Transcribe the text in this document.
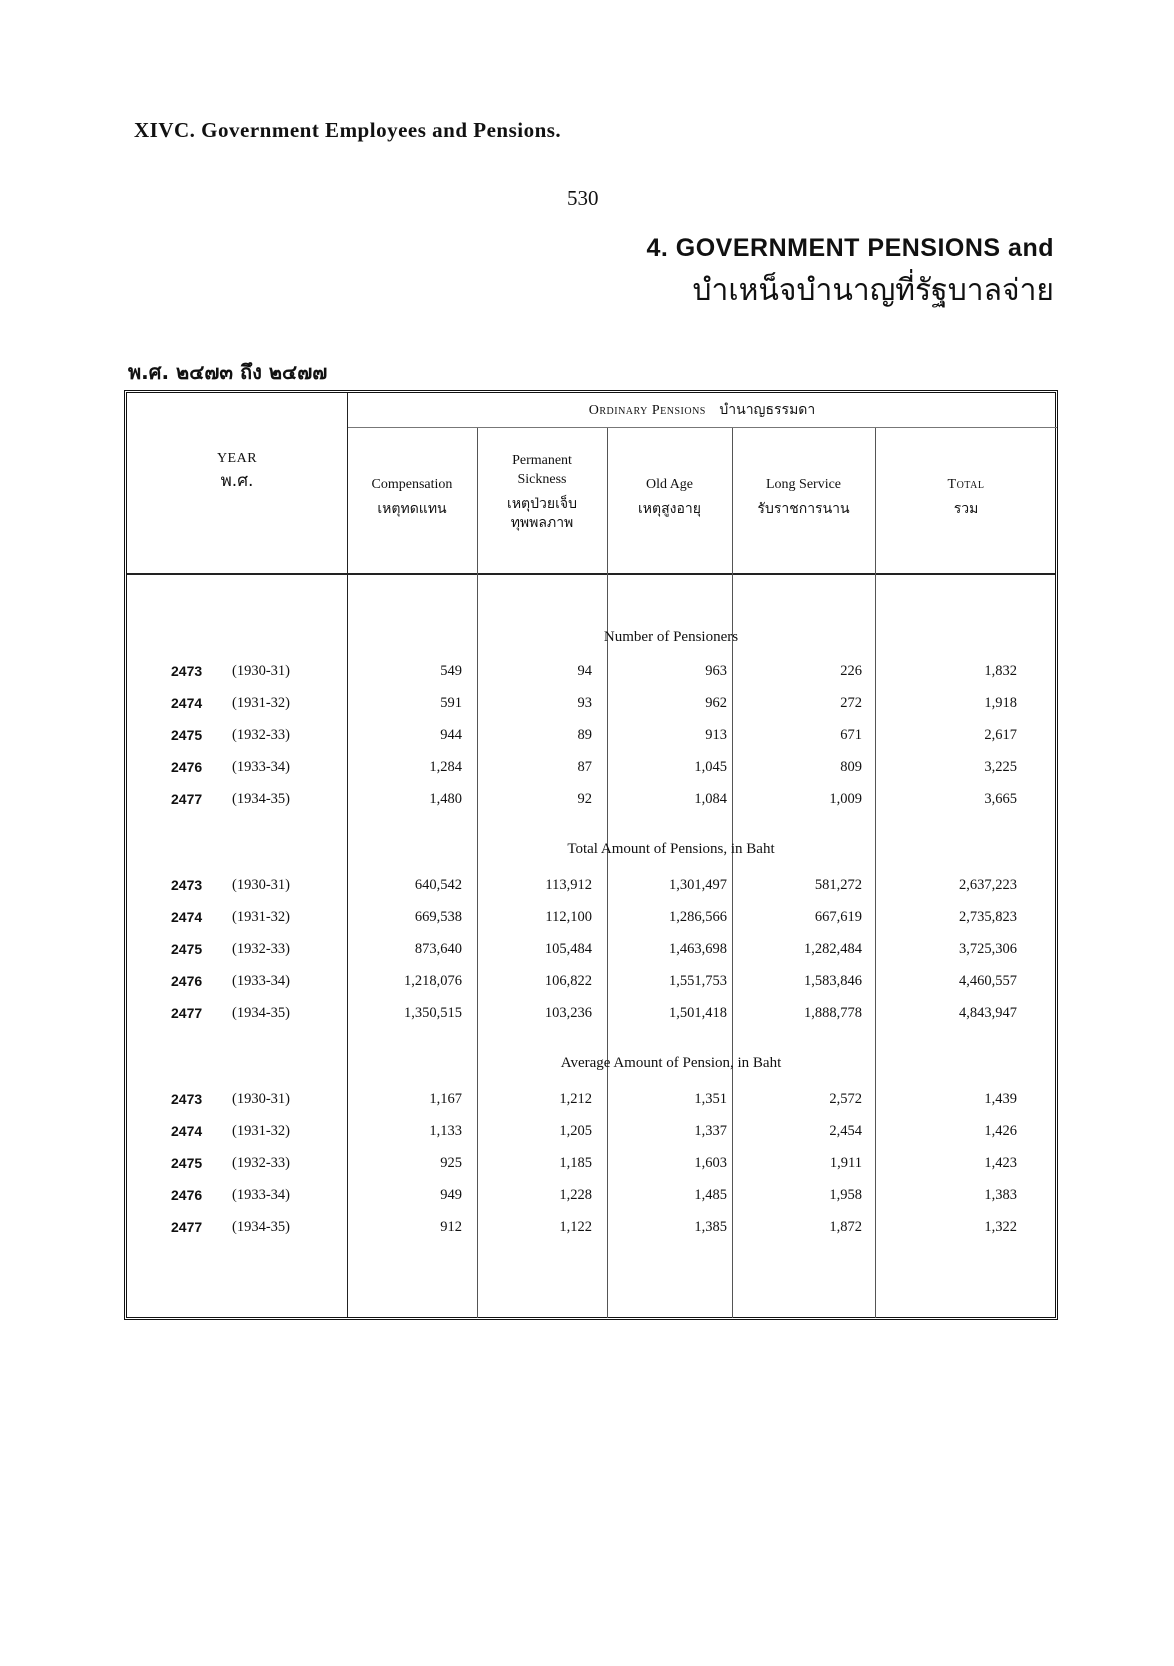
XIVC. Government Employees and Pensions.
530
4. GOVERNMENT PENSIONS and
บำเหน็จบำนาญที่รัฐบาลจ่าย
พ.ศ. ๒๔๗๓ ถึง ๒๔๗๗
YEAR
พ.ศ.
Ordinary Pensions บำนาญธรรมดา
Compensation
เหตุทดแทน
Permanent Sickness
เหตุป่วยเจ็บทุพพลภาพ
Old Age
เหตุสูงอายุ
Long Service
รับราชการนาน
Total
รวม
Number of Pensioners
2473 (1930-31)	549	94	963	226	1,832
2474 (1931-32)	591	93	962	272	1,918
2475 (1932-33)	944	89	913	671	2,617
2476 (1933-34)	1,284	87	1,045	809	3,225
2477 (1934-35)	1,480	92	1,084	1,009	3,665
Total Amount of Pensions, in Baht
2473 (1930-31)	640,542	113,912	1,301,497	581,272	2,637,223
2474 (1931-32)	669,538	112,100	1,286,566	667,619	2,735,823
2475 (1932-33)	873,640	105,484	1,463,698	1,282,484	3,725,306
2476 (1933-34)	1,218,076	106,822	1,551,753	1,583,846	4,460,557
2477 (1934-35)	1,350,515	103,236	1,501,418	1,888,778	4,843,947
Average Amount of Pension, in Baht
2473 (1930-31)	1,167	1,212	1,351	2,572	1,439
2474 (1931-32)	1,133	1,205	1,337	2,454	1,426
2475 (1932-33)	925	1,185	1,603	1,911	1,423
2476 (1933-34)	949	1,228	1,485	1,958	1,383
2477 (1934-35)	912	1,122	1,385	1,872	1,322
